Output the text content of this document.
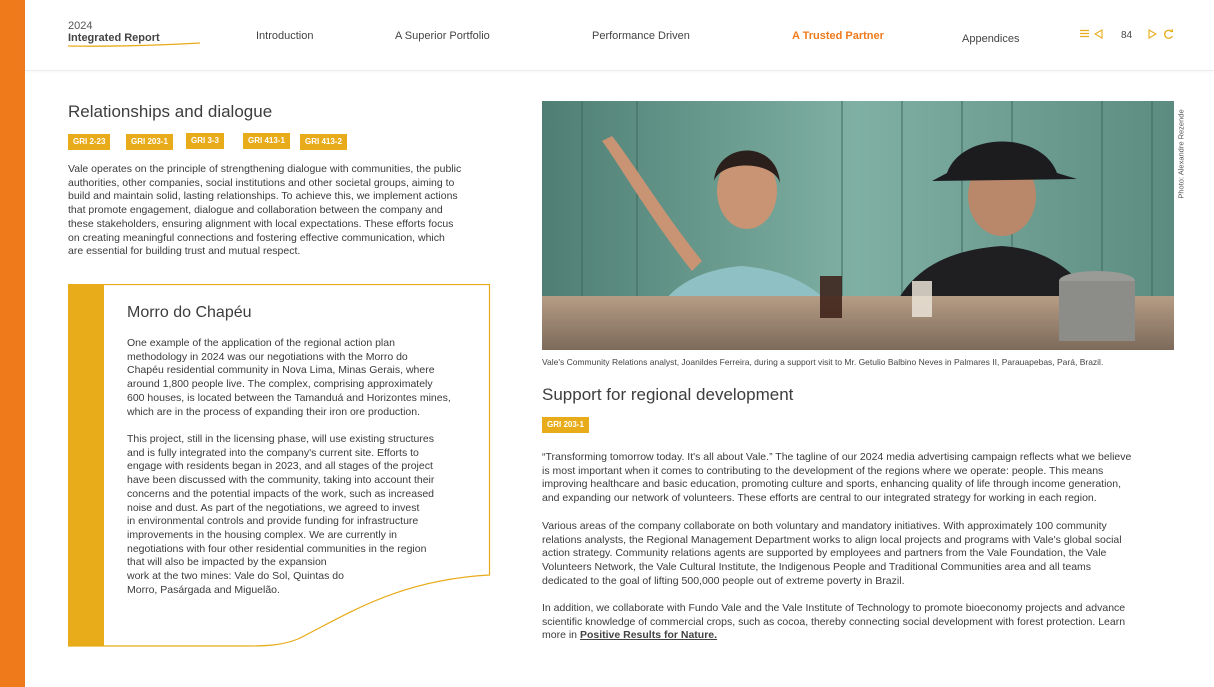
2024
Integrated Report	Introduction	A Superior Portfolio	Performance Driven	A Trusted Partner	Appendices	84
Relationships and dialogue
GRI 2-23	GRI 203-1	GRI 3-3	GRI 413-1	GRI 413-2
Vale operates on the principle of strengthening dialogue with communities, the public
authorities, other companies, social institutions and other societal groups, aiming to
build and maintain solid, lasting relationships. To achieve this, we implement actions
that promote engagement, dialogue and collaboration between the company and
these stakeholders, ensuring alignment with local expectations. These efforts focus
on creating meaningful connections and fostering effective communication, which
are essential for building trust and mutual respect.
Morro do Chapéu
One example of the application of the regional action plan
methodology in 2024 was our negotiations with the Morro do
Chapéu residential community in Nova Lima, Minas Gerais, where
around 1,800 people live. The complex, comprising approximately
600 houses, is located between the Tamanduá and Horizontes mines,
which are in the process of expanding their iron ore production.
This project, still in the licensing phase, will use existing structures
and is fully integrated into the company's current site. Efforts to
engage with residents began in 2023, and all stages of the project
have been discussed with the community, taking into account their
concerns and the potential impacts of the work, such as increased
noise and dust. As part of the negotiations, we agreed to invest
in environmental controls and provide funding for infrastructure
improvements in the housing complex. We are currently in
negotiations with four other residential communities in the region
that will also be impacted by the expansion
work at the two mines: Vale do Sol, Quintas do
Morro, Pasárgada and Miguelão.
Photo: Alexandre Rezende
Vale's Community Relations analyst, Joanildes Ferreira, during a support visit to Mr. Getulio Balbino Neves in Palmares II, Parauapebas, Pará, Brazil.
Support for regional development
GRI 203-1
“Transforming tomorrow today. It's all about Vale.” The tagline of our 2024 media advertising campaign reflects what we believe
is most important when it comes to contributing to the development of the regions where we operate: people. This means
improving healthcare and basic education, promoting culture and sports, enhancing quality of life through income generation,
and expanding our network of volunteers. These efforts are central to our integrated strategy for working in each region.
Various areas of the company collaborate on both voluntary and mandatory initiatives. With approximately 100 community
relations analysts, the Regional Management Department works to align local projects and programs with Vale's global social
action strategy. Community relations agents are supported by employees and partners from the Vale Foundation, the Vale
Volunteers Network, the Vale Cultural Institute, the Indigenous People and Traditional Communities area and all teams
dedicated to the goal of lifting 500,000 people out of extreme poverty in Brazil.
In addition, we collaborate with Fundo Vale and the Vale Institute of Technology to promote bioeconomy projects and advance
scientific knowledge of commercial crops, such as cocoa, thereby connecting social development with forest protection. Learn
more in Positive Results for Nature.
